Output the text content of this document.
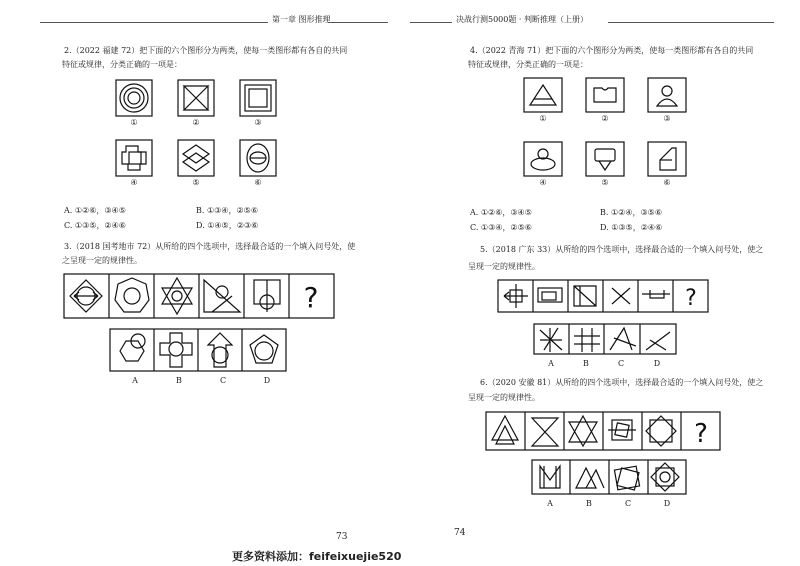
第一章 图形推理
2.（2022 福建 72）把下面的六个图形分为两类，使每一类图形都有各自的共同
特征或规律，分类正确的一项是：
①	②	③
④	⑤	⑥
A. ①②⑥，③④⑤	B. ①③④，②⑤⑥
C. ①③⑤，②④⑥	D. ①④⑤，②③⑥
3.（2018 国考地市 72）从所给的四个选项中，选择最合适的一个填入问号处，使
之呈现一定的规律性。
?
A	B	C	D
73
决战行测5000题 · 判断推理（上册）
4.（2022 青海 71）把下面的六个图形分为两类，使每一类图形都有各自的共同
特征或规律，分类正确的一项是：
①	②	③
④	⑤	⑥
A. ①②⑥，③④⑤	B. ①②④，③⑤⑥
C. ①③④，②⑤⑥	D. ①③⑤，②④⑥
5.（2018 广东 33）从所给的四个选项中，选择最合适的一个填入问号处，使之
呈现一定的规律性。
?
A	B	C	D
6.（2020 安徽 81）从所给的四个选项中，选择最合适的一个填入问号处，使之
呈现一定的规律性。
?
A	B	C	D
74
更多资料添加：feifeixuejie520
